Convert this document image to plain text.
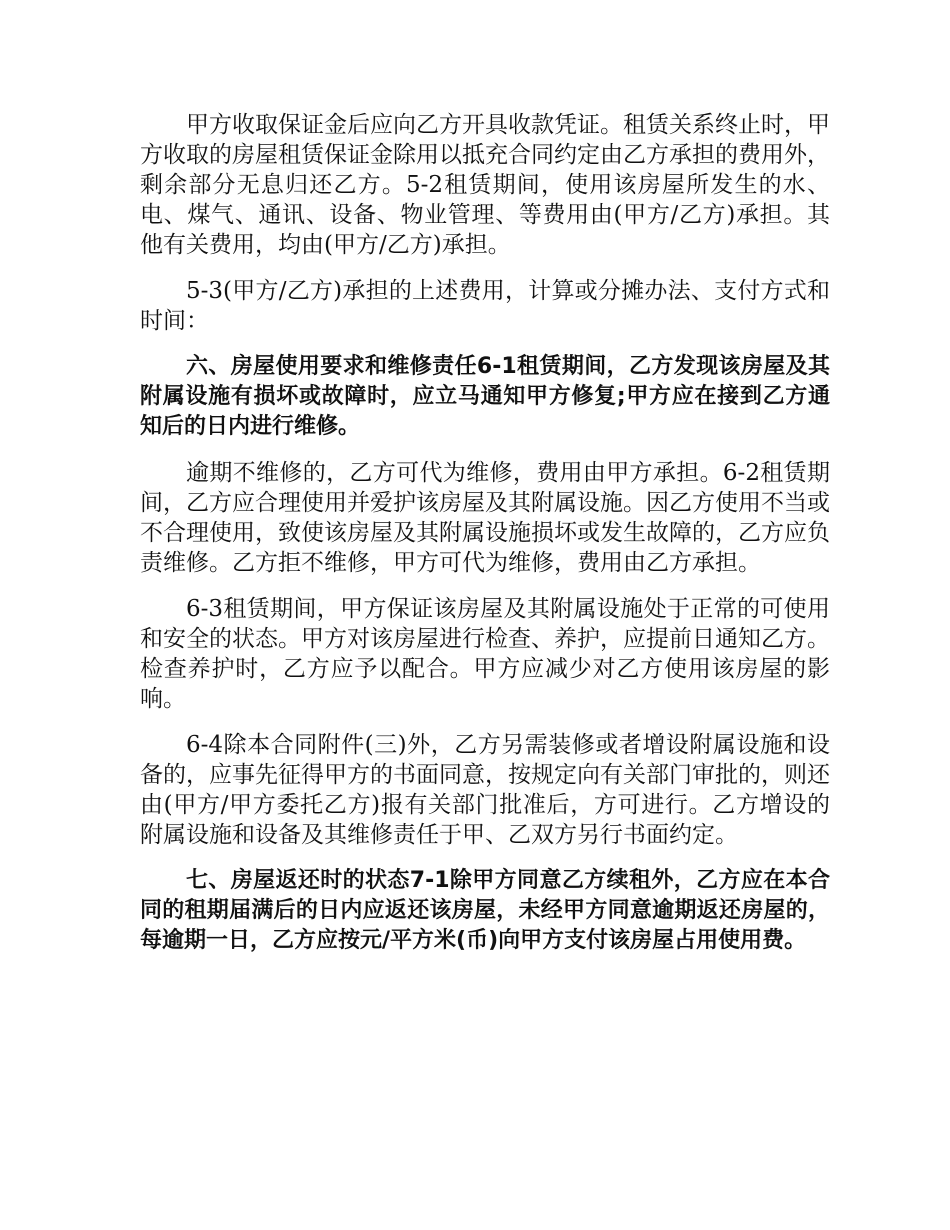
甲方收取保证金后应向乙方开具收款凭证。租赁关系终止时，甲方收取的房屋租赁保证金除用以抵充合同约定由乙方承担的费用外，剩余部分无息归还乙方。5-2租赁期间，使用该房屋所发生的水、电、煤气、通讯、设备、物业管理、等费用由(甲方/乙方)承担。其他有关费用，均由(甲方/乙方)承担。

5-3(甲方/乙方)承担的上述费用，计算或分摊办法、支付方式和时间：

六、房屋使用要求和维修责任6-1租赁期间，乙方发现该房屋及其附属设施有损坏或故障时，应立马通知甲方修复;甲方应在接到乙方通知后的日内进行维修。

逾期不维修的，乙方可代为维修，费用由甲方承担。6-2租赁期间，乙方应合理使用并爱护该房屋及其附属设施。因乙方使用不当或不合理使用，致使该房屋及其附属设施损坏或发生故障的，乙方应负责维修。乙方拒不维修，甲方可代为维修，费用由乙方承担。

6-3租赁期间，甲方保证该房屋及其附属设施处于正常的可使用和安全的状态。甲方对该房屋进行检查、养护，应提前日通知乙方。检查养护时，乙方应予以配合。甲方应减少对乙方使用该房屋的影响。

6-4除本合同附件(三)外，乙方另需装修或者增设附属设施和设备的，应事先征得甲方的书面同意，按规定向有关部门审批的，则还由(甲方/甲方委托乙方)报有关部门批准后，方可进行。乙方增设的附属设施和设备及其维修责任于甲、乙双方另行书面约定。

七、房屋返还时的状态7-1除甲方同意乙方续租外，乙方应在本合同的租期届满后的日内应返还该房屋，未经甲方同意逾期返还房屋的，每逾期一日，乙方应按元/平方米(币)向甲方支付该房屋占用使用费。
